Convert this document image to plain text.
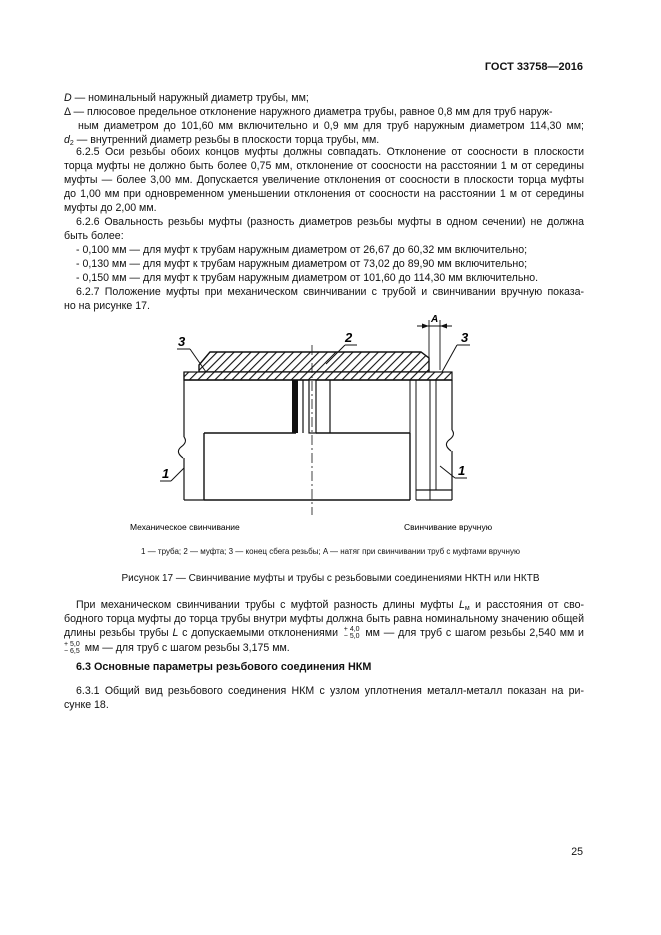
ГОСТ 33758—2016
D — номинальный наружный диаметр трубы, мм;
Δ — плюсовое предельное отклонение наружного диаметра трубы, равное 0,8 мм для труб наруж-
ным диаметром до 101,60 мм включительно и 0,9 мм для труб наружным диаметром 114,30 мм;
$d_2$ — внутренний диаметр резьбы в плоскости торца трубы, мм.
6.2.5 Оси резьбы обоих концов муфты должны совпадать. Отклонение от соосности в плоскости
торца муфты не должно быть более 0,75 мм, отклонение от соосности на расстоянии 1 м от середины
муфты — более 3,00 мм. Допускается увеличение отклонения от соосности в плоскости торца муфты
до 1,00 мм при одновременном уменьшении отклонения от соосности на расстоянии 1 м от середины
муфты до 2,00 мм.
6.2.6 Овальность резьбы муфты (разность диаметров резьбы муфты в одном сечении) не должна
быть более:
- 0,100 мм — для муфт к трубам наружным диаметром от 26,67 до 60,32 мм включительно;
- 0,130 мм — для муфт к трубам наружным диаметром от 73,02 до 89,90 мм включительно;
- 0,150 мм — для муфт к трубам наружным диаметром от 101,60 до 114,30 мм включительно.
6.2.7 Положение муфты при механическом свинчивании с трубой и свинчивании вручную показа-
но на рисунке 17.
3	2	3
1	1
A
Механическое свинчивание	Свинчивание вручную
1 — труба; 2 — муфта; 3 — конец сбега резьбы; A — натяг при свинчивании труб с муфтами вручную
Рисунок 17 — Свинчивание муфты и трубы с резьбовыми соединениями НКТН или НКТВ
При механическом свинчивании трубы с муфтой разность длины муфты $L_м$ и расстояния от сво-
бодного торца муфты до торца трубы внутри муфты должна быть равна номинальному значению общей
длины резьбы трубы L с допускаемыми отклонениями + 4,0
− 5,0 мм — для труб с шагом резьбы 2,540 мм и
+ 5,0
− 6,5 мм — для труб с шагом резьбы 3,175 мм.
6.3 Основные параметры резьбового соединения НКМ
6.3.1 Общий вид резьбового соединения НКМ с узлом уплотнения металл-металл показан на ри-
сунке 18.
25
